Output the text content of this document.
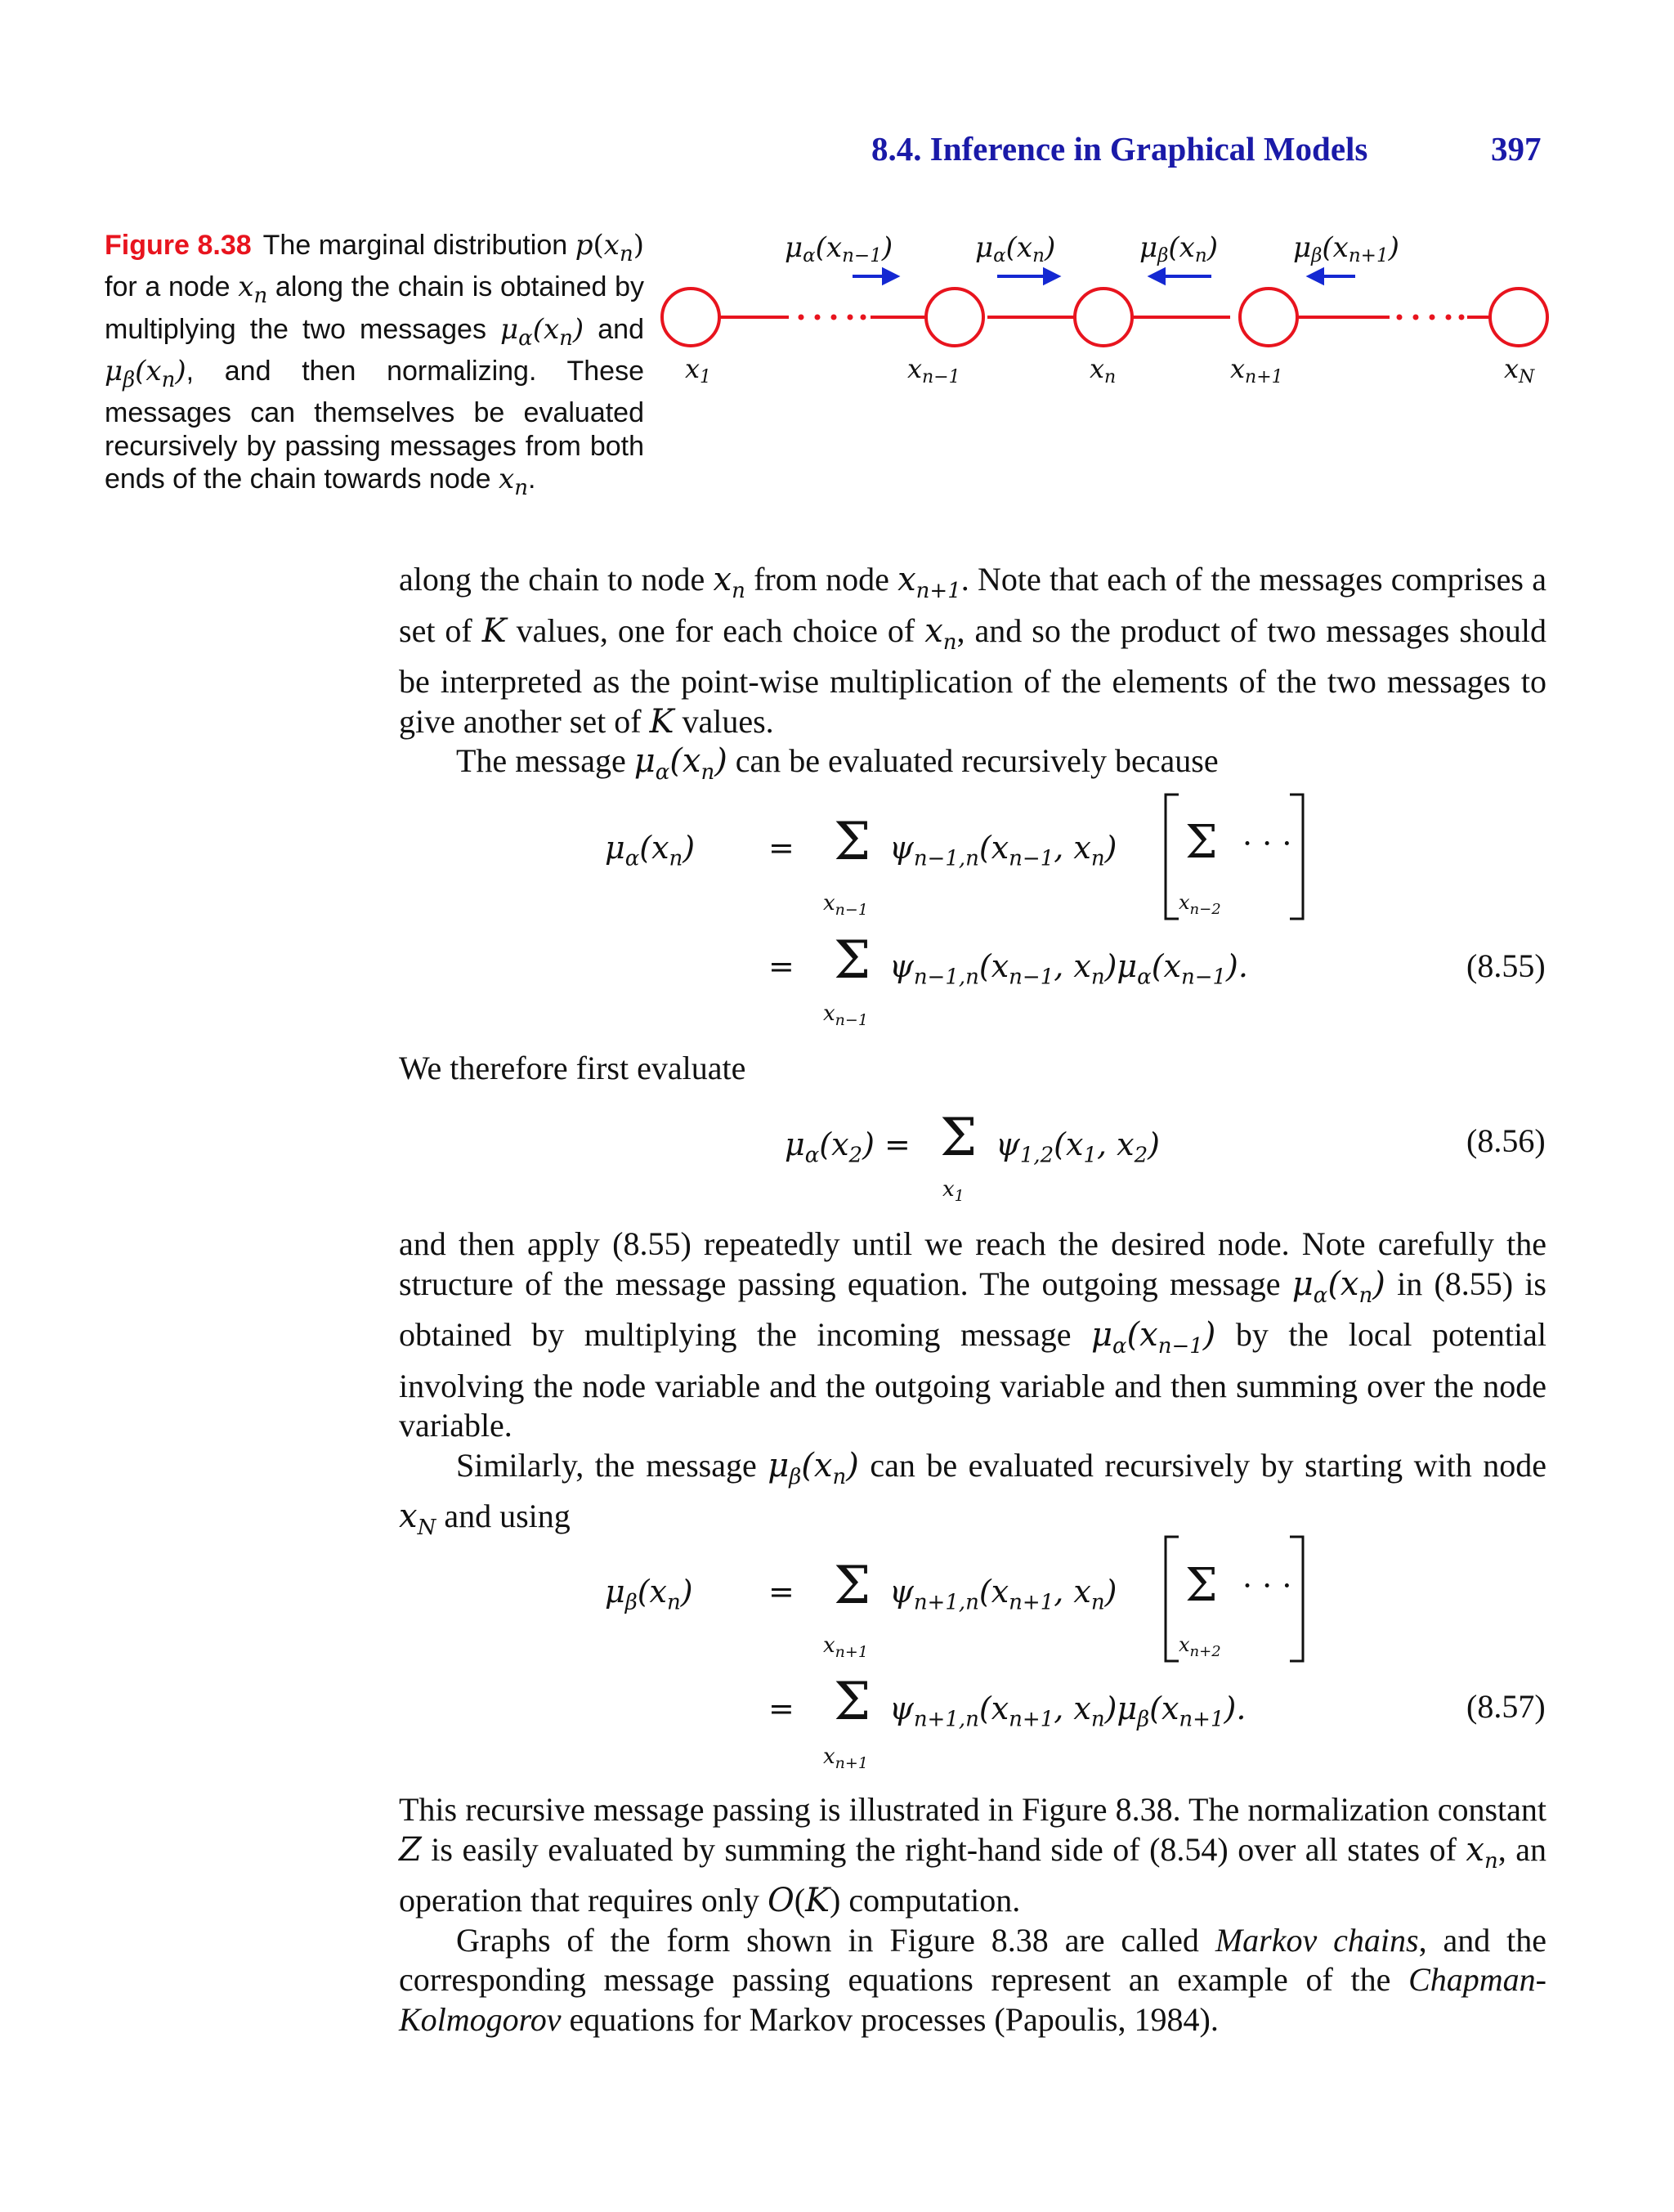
8.4. Inference in Graphical Models	397
Figure 8.38 The marginal distribution $p(x_n)$ for a node $x_n$ along the chain is obtained by multiplying the two messages $\mu_\alpha(x_n)$ and $\mu_\beta(x_n)$, and then normalizing. These messages can themselves be evaluated recursively by passing messages from both ends of the chain towards node $x_n$.
μα(xn−1)	μα(xn)	μβ(xn)	μβ(xn+1)
x1	xn−1	xn	xn+1	xN

along the chain to node $x_n$ from node $x_{n+1}$. Note that each of the messages comprises a set of K values, one for each choice of $x_n$, and so the product of two messages should be interpreted as the point-wise multiplication of the elements of the two messages to give another set of K values.

The message $\mu_\alpha(x_n)$ can be evaluated recursively because

$\mu_\alpha(x_n) = \Sigma$
$x_{n-1}$
$\psi_{n-1,n}(x_{n-1}$, $x_n$) Σ
$x_{n-2}$
· · ·
= Σ
$x_{n-1}$
$\psi_{n-1,n}(x_{n-1}$, $x_n)\mu_\alpha(x_{n-1})$.	(8.55)
We therefore first evaluate
$\mu_\alpha(x_2) = \Sigma$
$x_1$
$\psi_{1,2}(x_1$, $x_2$)	(8.56)

and then apply (8.55) repeatedly until we reach the desired node. Note carefully the structure of the message passing equation. The outgoing message $\mu_\alpha(x_n)$ in (8.55) is obtained by multiplying the incoming message $\mu_\alpha(x_{n-1})$ by the local potential involving the node variable and the outgoing variable and then summing over the node variable.

Similarly, the message $\mu_\beta(x_n)$ can be evaluated recursively by starting with node $x_N$ and using

$\mu_\beta(x_n) = \Sigma$
$x_{n+1}$
$\psi_{n+1,n}(x_{n+1}$, $x_n$) Σ
$x_{n+2}$
· · ·
= Σ
$x_{n+1}$
$\psi_{n+1,n}(x_{n+1}$, $x_n)\mu_\beta(x_{n+1})$.	(8.57)

This recursive message passing is illustrated in Figure 8.38. The normalization constant Z is easily evaluated by summing the right-hand side of (8.54) over all states of $x_n$, an operation that requires only O(K) computation.

Graphs of the form shown in Figure 8.38 are called Markov chains, and the corresponding message passing equations represent an example of the Chapman-Kolmogorov equations for Markov processes (Papoulis, 1984).
